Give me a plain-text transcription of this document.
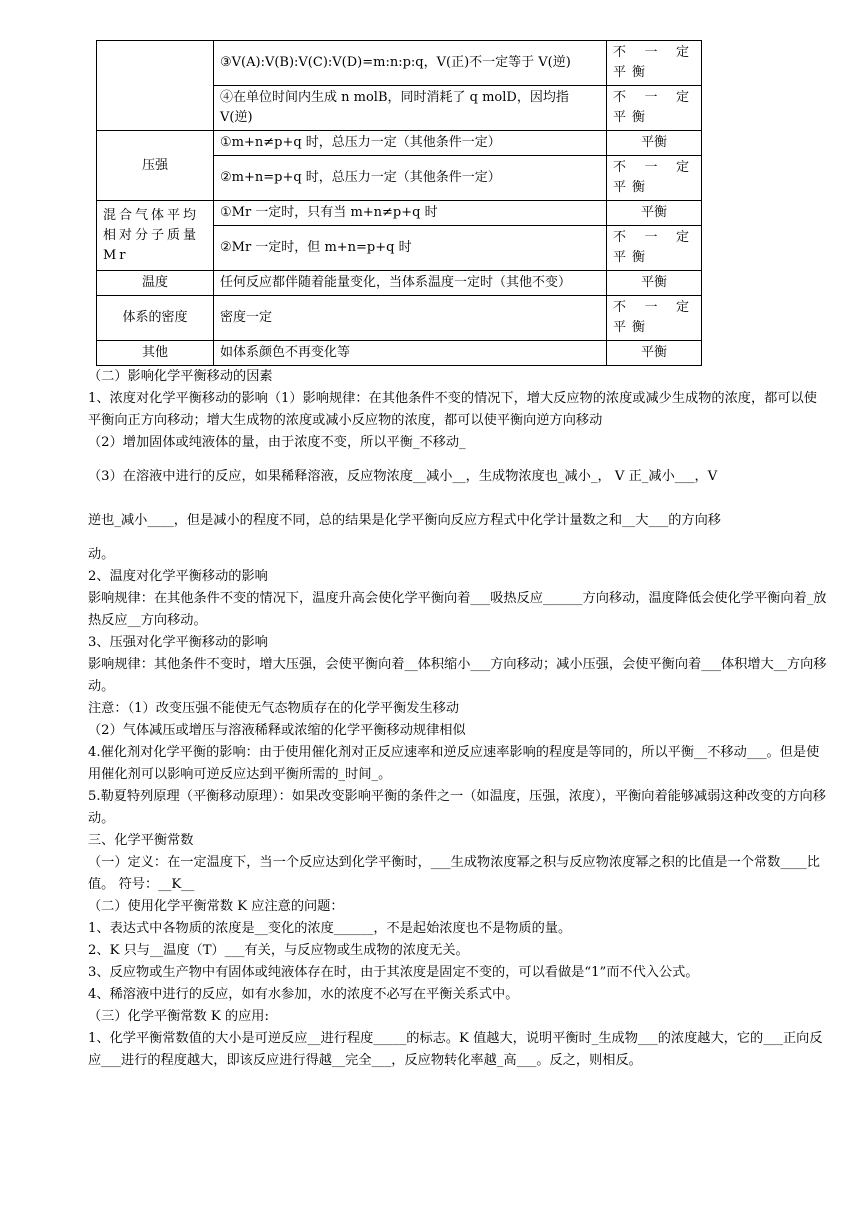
	③V(A):V(B):V(C):V(D)=m:n:p:q，V(正)不一定等于 V(逆)	不 一 定 平衡
	④在单位时间内生成 n molB，同时消耗了 q molD，因均指 V(逆)	不 一 定 平衡
压强	①m+n≠p+q 时，总压力一定（其他条件一定）	平衡
	②m+n=p+q 时，总压力一定（其他条件一定）	不 一 定 平衡
混合气体平均相对分子质量 Mr	①Mr 一定时，只有当 m+n≠p+q 时	平衡
	②Mr 一定时，但 m+n=p+q 时	不 一 定 平衡
温度	任何反应都伴随着能量变化，当体系温度一定时（其他不变）	平衡
体系的密度	密度一定	不 一 定 平衡
其他	如体系颜色不再变化等	平衡

（二）影响化学平衡移动的因素

1、浓度对化学平衡移动的影响（1）影响规律：在其他条件不变的情况下，增大反应物的浓度或减少生成物的浓度，都可以使平衡向正方向移动；增大生成物的浓度或减小反应物的浓度，都可以使平衡向逆方向移动

（2）增加固体或纯液体的量，由于浓度不变，所以平衡_不移动_

（3）在溶液中进行的反应，如果稀释溶液，反应物浓度__减小__，生成物浓度也_减小_， V 正_减小___，V

逆也_减小____，但是减小的程度不同，总的结果是化学平衡向反应方程式中化学计量数之和__大___的方向移

动。

2、温度对化学平衡移动的影响

影响规律：在其他条件不变的情况下，温度升高会使化学平衡向着___吸热反应______方向移动，温度降低会使化学平衡向着_放热反应__方向移动。

3、压强对化学平衡移动的影响

影响规律：其他条件不变时，增大压强，会使平衡向着__体积缩小___方向移动；减小压强，会使平衡向着___体积增大__方向移动。

注意：（1）改变压强不能使无气态物质存在的化学平衡发生移动

（2）气体减压或增压与溶液稀释或浓缩的化学平衡移动规律相似

4.催化剂对化学平衡的影响：由于使用催化剂对正反应速率和逆反应速率影响的程度是等同的，所以平衡__不移动___。但是使用催化剂可以影响可逆反应达到平衡所需的_时间_。

5.勒夏特列原理（平衡移动原理）：如果改变影响平衡的条件之一（如温度，压强，浓度），平衡向着能够减弱这种改变的方向移动。

三、化学平衡常数

（一）定义：在一定温度下，当一个反应达到化学平衡时，___生成物浓度幂之积与反应物浓度幂之积的比值是一个常数____比值。 符号：__K__

（二）使用化学平衡常数 K 应注意的问题：

1、表达式中各物质的浓度是__变化的浓度______，不是起始浓度也不是物质的量。

2、K 只与__温度（T）___有关，与反应物或生成物的浓度无关。

3、反应物或生产物中有固体或纯液体存在时，由于其浓度是固定不变的，可以看做是“1”而不代入公式。

4、稀溶液中进行的反应，如有水参加，水的浓度不必写在平衡关系式中。

（三）化学平衡常数 K 的应用:

1、化学平衡常数值的大小是可逆反应__进行程度_____的标志。K 值越大，说明平衡时_生成物___的浓度越大，它的___正向反应___进行的程度越大，即该反应进行得越__完全___，反应物转化率越_高___。反之，则相反。
